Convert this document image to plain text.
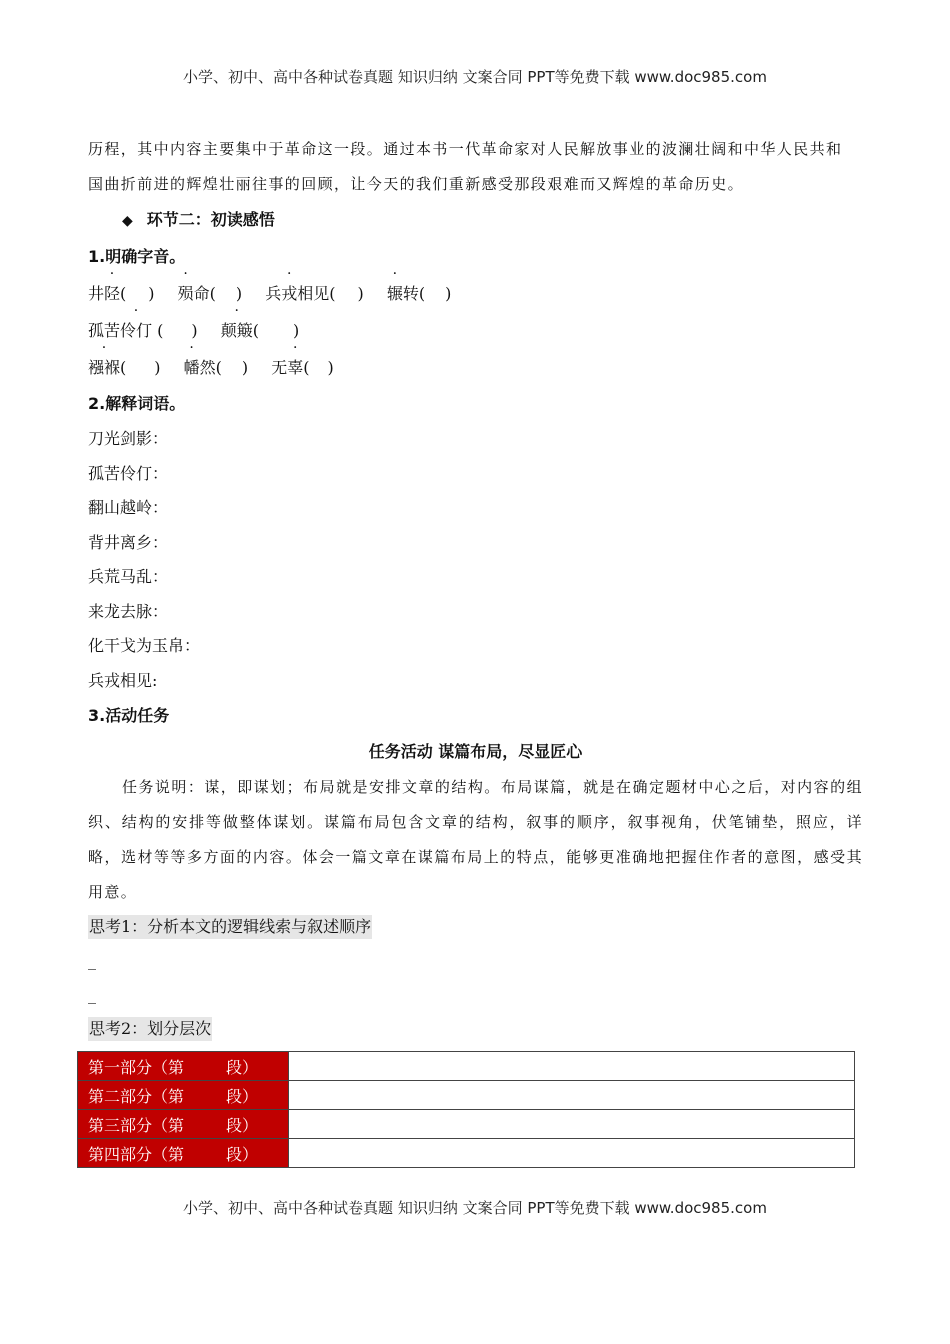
小学、初中、高中各种试卷真题 知识归纳 文案合同 PPT等免费下载 www.doc985.com

历程，其中内容主要集中于革命这一段。通过本书一代革命家对人民解放事业的波澜壮阔和中华人民共和

国曲折前进的辉煌壮丽往事的回顾，让今天的我们重新感受那段艰难而又辉煌的革命历史。

◆ 环节二：初读感悟
1.明确字音。
井陉( ) 殒命( ) 兵戎相见( ) 辗转( )
孤苦伶仃 ( ) 颠簸( )
襁褓( ) 幡然( ) 无辜( )
2.解释词语。
刀光剑影：
孤苦伶仃：
翻山越岭：
背井离乡：
兵荒马乱：
来龙去脉：
化干戈为玉帛：
兵戎相见:
3.活动任务
任务活动 谋篇布局，尽显匠心

任务说明：谋，即谋划；布局就是安排文章的结构。布局谋篇，就是在确定题材中心之后，对内容的组织、结构的安排等做整体谋划。谋篇布局包含文章的结构，叙事的顺序，叙事视角，伏笔铺垫，照应，详略，选材等等多方面的内容。体会一篇文章在谋篇布局上的特点，能够更准确地把握住作者的意图，感受其用意。

思考1：分析本文的逻辑线索与叙述顺序
_
_
思考2：划分层次
第一部分（第 段）	
第二部分（第 段）	
第三部分（第 段）	
第四部分（第 段）	
小学、初中、高中各种试卷真题 知识归纳 文案合同 PPT等免费下载 www.doc985.com
